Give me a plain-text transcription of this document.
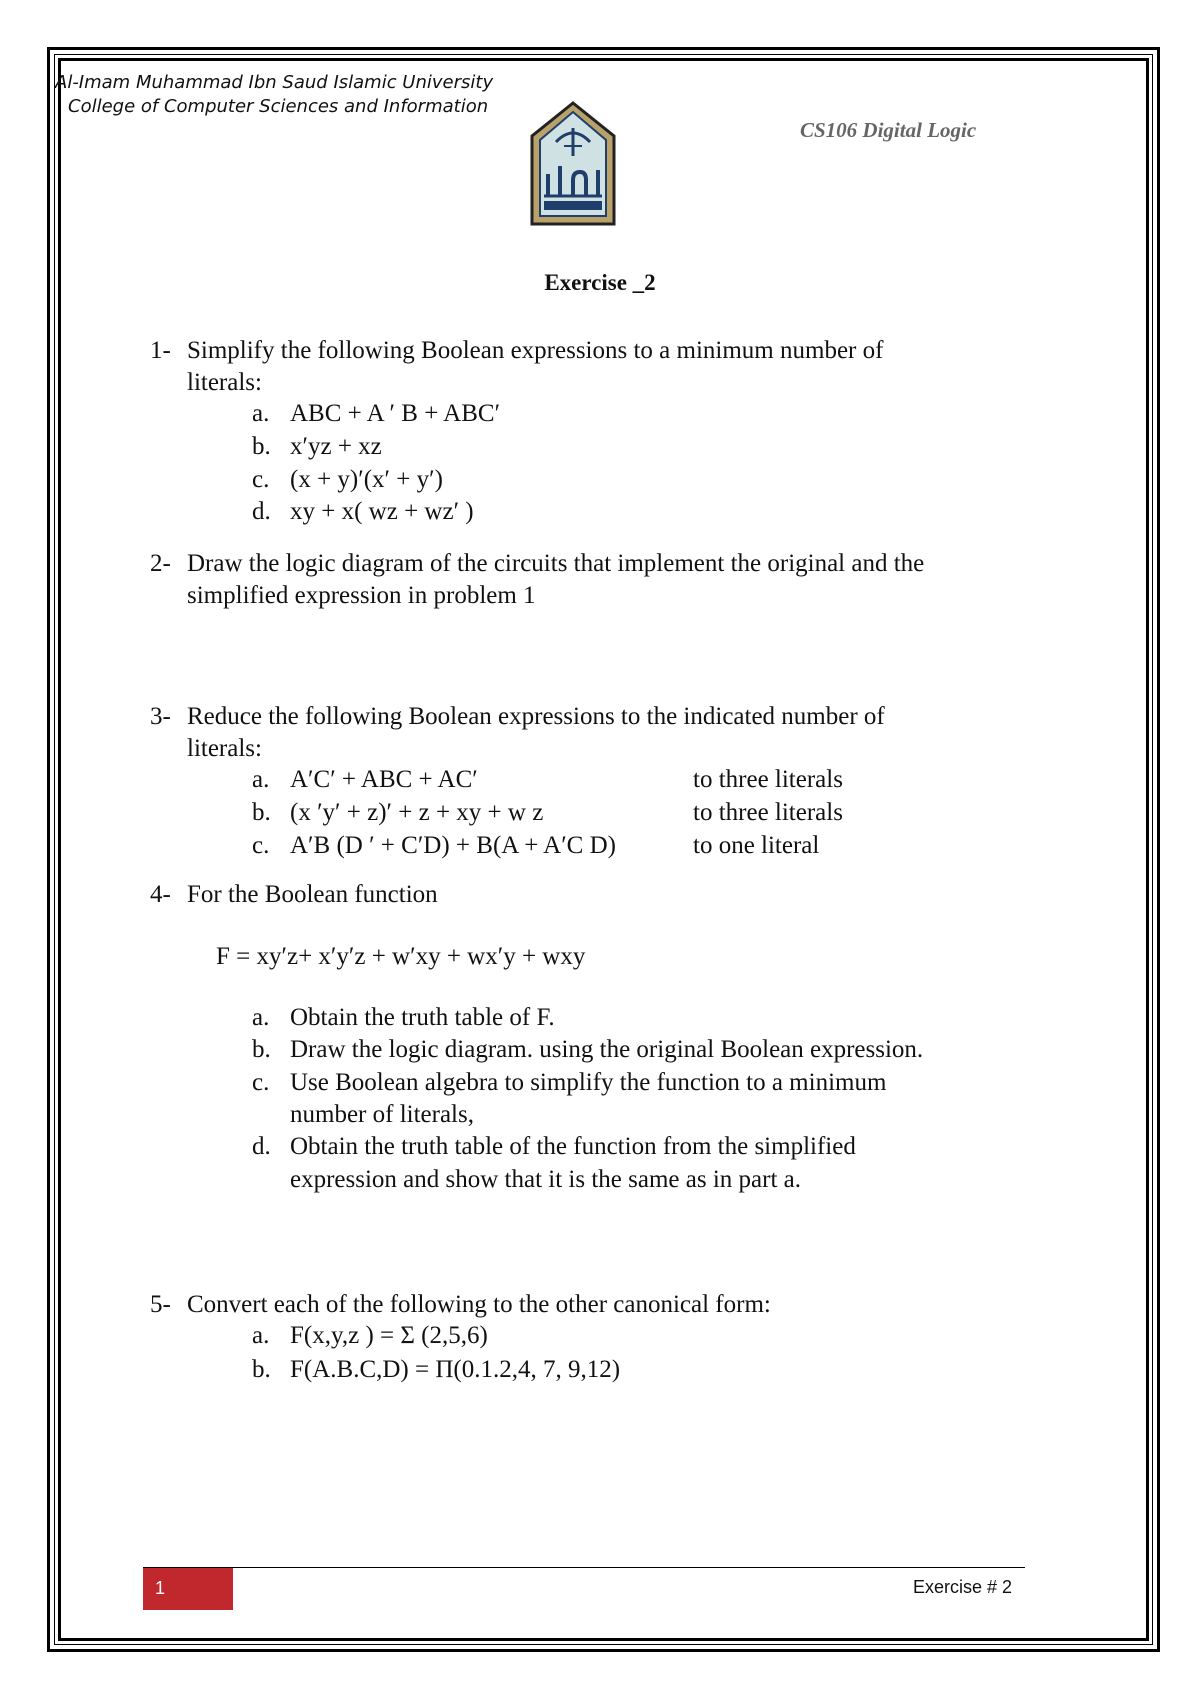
Al-Imam Muhammad Ibn Saud Islamic University
College of Computer Sciences and Information
CS106 Digital Logic
Exercise _2
1- Simplify the following Boolean expressions to a minimum number of
literals:
a. ABC + A ′ B + ABC′
b. x′yz + xz
c. (x + y)′(x′ + y′)
d. xy + x( wz + wz′ )
2- Draw the logic diagram of the circuits that implement the original and the
simplified expression in problem 1
3- Reduce the following Boolean expressions to the indicated number of
literals:
a. A′C′ + ABC + AC′	to three literals
b. (x ′y′ + z)′ + z + xy + w z	to three literals
c. A′B (D ′ + C′D) + B(A + A′C D)	to one literal
4- For the Boolean function
F = xy′z+ x′y′z + w′xy + wx′y + wxy
a. Obtain the truth table of F.
b. Draw the logic diagram. using the original Boolean expression.
c. Use Boolean algebra to simplify the function to a minimum
number of literals,
d. Obtain the truth table of the function from the simplified
expression and show that it is the same as in part a.
5- Convert each of the following to the other canonical form:
a. F(x,y,z ) = Σ (2,5,6)
b. F(A.B.C,D) = Π(0.1.2,4, 7, 9,12)
1	Exercise # 2
